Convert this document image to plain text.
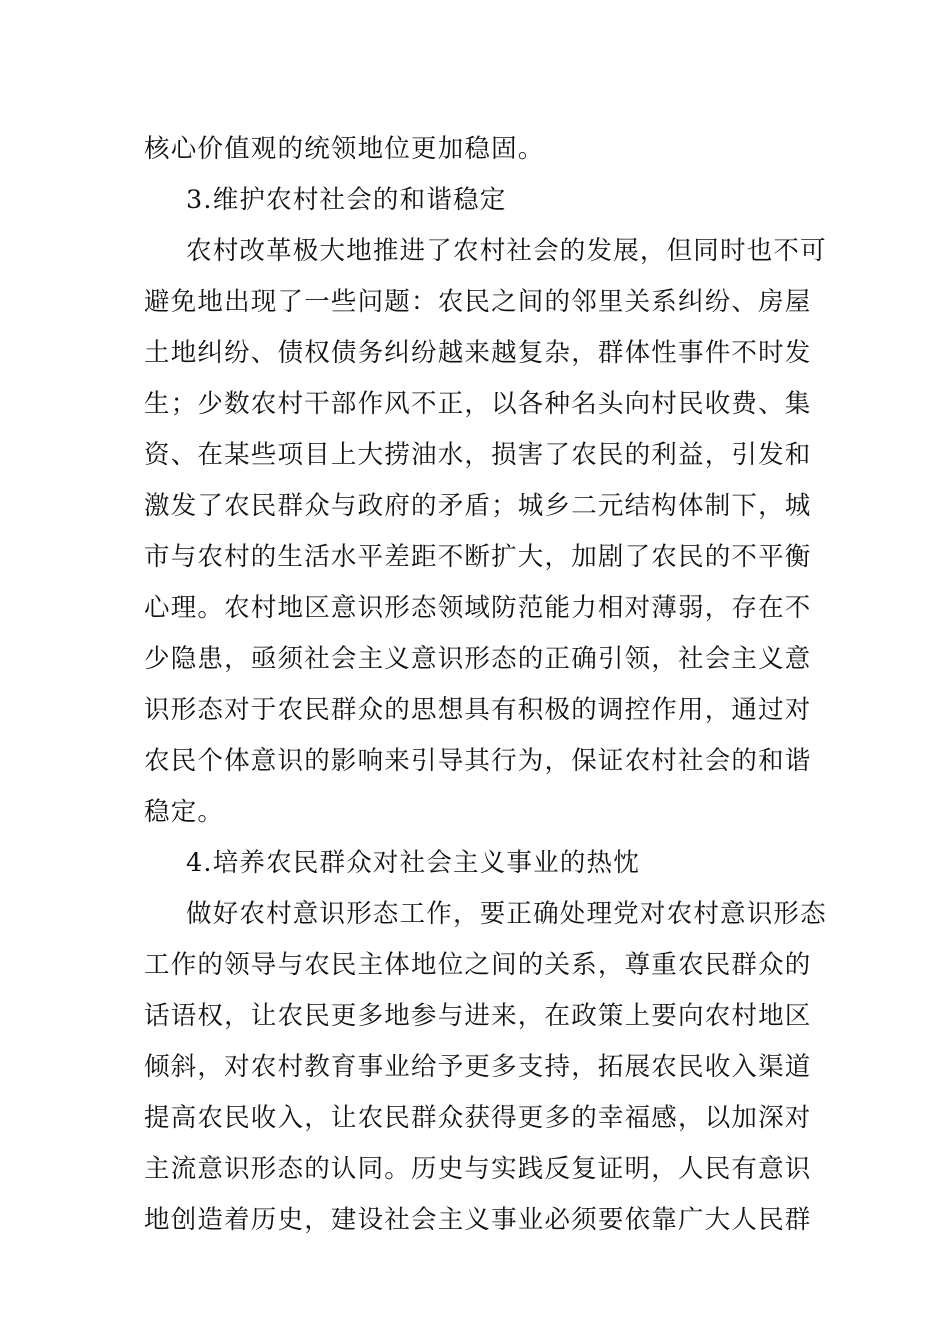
核心价值观的统领地位更加稳固。

3.维护农村社会的和谐稳定

农村改革极大地推进了农村社会的发展，但同时也不可
避免地出现了一些问题：农民之间的邻里关系纠纷、房屋
土地纠纷、债权债务纠纷越来越复杂，群体性事件不时发
生；少数农村干部作风不正，以各种名头向村民收费、集
资、在某些项目上大捞油水，损害了农民的利益，引发和
激发了农民群众与政府的矛盾；城乡二元结构体制下，城
市与农村的生活水平差距不断扩大，加剧了农民的不平衡
心理。农村地区意识形态领域防范能力相对薄弱，存在不
少隐患，亟须社会主义意识形态的正确引领，社会主义意
识形态对于农民群众的思想具有积极的调控作用，通过对
农民个体意识的影响来引导其行为，保证农村社会的和谐
稳定。

4.培养农民群众对社会主义事业的热忱

做好农村意识形态工作，要正确处理党对农村意识形态
工作的领导与农民主体地位之间的关系，尊重农民群众的
话语权，让农民更多地参与进来，在政策上要向农村地区
倾斜，对农村教育事业给予更多支持，拓展农民收入渠道
提高农民收入，让农民群众获得更多的幸福感，以加深对
主流意识形态的认同。历史与实践反复证明，人民有意识
地创造着历史，建设社会主义事业必须要依靠广大人民群
